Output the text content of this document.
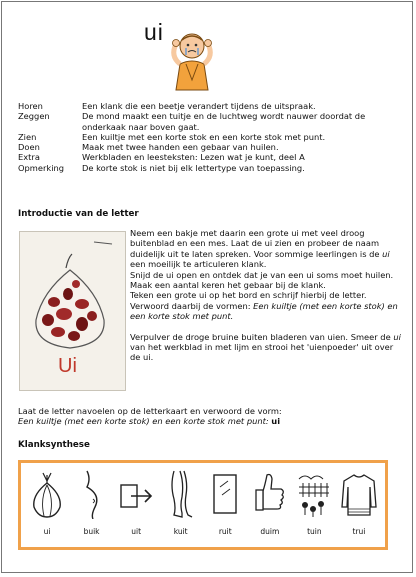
ui
Horen	Een klank die een beetje verandert tijdens de uitspraak.
Zeggen	De mond maakt een tuitje en de luchtweg wordt nauwer doordat de onderkaak naar boven gaat.
Zien	Een kuiltje met een korte stok en een korte stok met punt.
Doen	Maak met twee handen een gebaar van huilen.
Extra	Werkbladen en leesteksten: Lezen wat je kunt, deel A
Opmerking	De korte stok is niet bij elk lettertype van toepassing.
Introductie van de letter
Ui

Neem een bakje met daarin een grote ui met veel droog buitenblad en een mes. Laat de ui zien en probeer de naam duidelijk uit te laten spreken. Voor sommige leerlingen is de ui een moeilijk te articuleren klank.

Snijd de ui open en ontdek dat je van een ui soms moet huilen.

Maak een aantal keren het gebaar bij de klank.

Teken een grote ui op het bord en schrijf hierbij de letter.

Verwoord daarbij de vormen: Een kuiltje (met een korte stok) en een korte stok met punt.

Verpulver de droge bruine buiten bladeren van uien. Smeer de ui van het werkblad in met lijm en strooi het 'uienpoeder' uit over de ui.

Laat de letter navoelen op de letterkaart en verwoord de vorm:

Een kuiltje (met een korte stok) en een korte stok met punt: ui

Klanksynthese
ui	buik	uit	kuit	ruit	duim	tuin	trui
